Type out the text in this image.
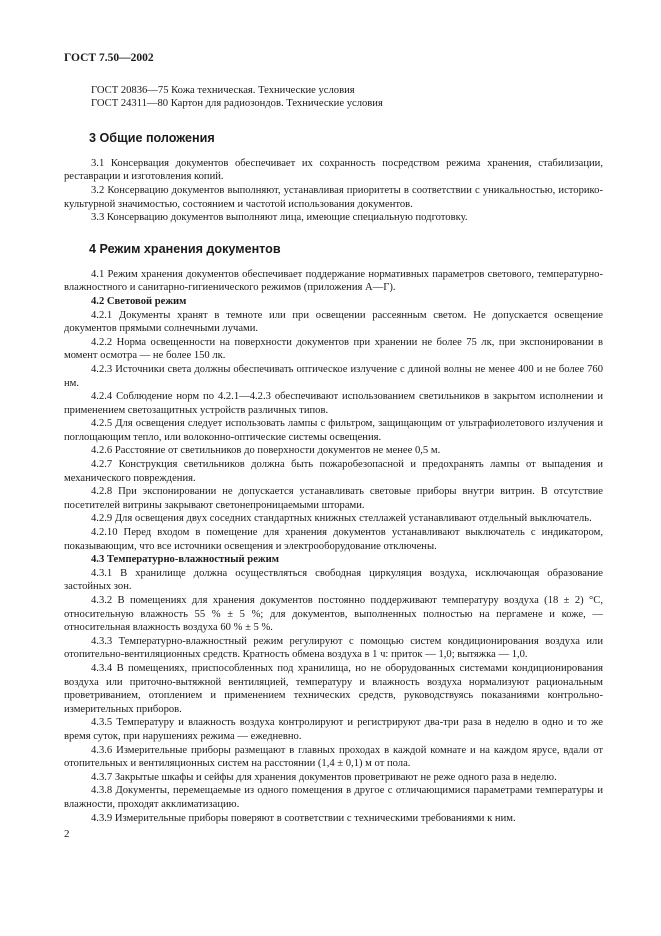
ГОСТ 7.50—2002
ГОСТ 20836—75 Кожа техническая. Технические условия
ГОСТ 24311—80 Картон для радиозондов. Технические условия
3 Общие положения

3.1 Консервация документов обеспечивает их сохранность посредством режима хранения, стабилизации, реставрации и изготовления копий.

3.2 Консервацию документов выполняют, устанавливая приоритеты в соответствии с уникальностью, историко-культурной значимостью, состоянием и частотой использования документов.

3.3 Консервацию документов выполняют лица, имеющие специальную подготовку.

4 Режим хранения документов

4.1 Режим хранения документов обеспечивает поддержание нормативных параметров светового, температурно-влажностного и санитарно-гигиенического режимов (приложения А—Г).

4.2 Световой режим

4.2.1 Документы хранят в темноте или при освещении рассеянным светом. Не допускается освещение документов прямыми солнечными лучами.

4.2.2 Норма освещенности на поверхности документов при хранении не более 75 лк, при экспонировании в момент осмотра — не более 150 лк.

4.2.3 Источники света должны обеспечивать оптическое излучение с длиной волны не менее 400 и не более 760 нм.

4.2.4 Соблюдение норм по 4.2.1—4.2.3 обеспечивают использованием светильников в закрытом исполнении и применением светозащитных устройств различных типов.

4.2.5 Для освещения следует использовать лампы с фильтром, защищающим от ультрафиолетового излучения и поглощающим тепло, или волоконно-оптические системы освещения.

4.2.6 Расстояние от светильников до поверхности документов не менее 0,5 м.

4.2.7 Конструкция светильников должна быть пожаробезопасной и предохранять лампы от выпадения и механического повреждения.

4.2.8 При экспонировании не допускается устанавливать световые приборы внутри витрин. В отсутствие посетителей витрины закрывают светонепроницаемыми шторами.

4.2.9 Для освещения двух соседних стандартных книжных стеллажей устанавливают отдельный выключатель.

4.2.10 Перед входом в помещение для хранения документов устанавливают выключатель с индикатором, показывающим, что все источники освещения и электрооборудование отключены.

4.3 Температурно-влажностный режим

4.3.1 В хранилище должна осуществляться свободная циркуляция воздуха, исключающая образование застойных зон.

4.3.2 В помещениях для хранения документов постоянно поддерживают температуру воздуха (18 ± 2) °С, относительную влажность 55 % ± 5 %; для документов, выполненных полностью на пергамене и коже, — относительная влажность воздуха 60 % ± 5 %.

4.3.3 Температурно-влажностный режим регулируют с помощью систем кондиционирования воздуха или отопительно-вентиляционных средств. Кратность обмена воздуха в 1 ч: приток — 1,0; вытяжка — 1,0.

4.3.4 В помещениях, приспособленных под хранилища, но не оборудованных системами кондиционирования воздуха или приточно-вытяжной вентиляцией, температуру и влажность воздуха нормализуют рациональным проветриванием, отоплением и применением технических средств, руководствуясь показаниями контрольно-измерительных приборов.

4.3.5 Температуру и влажность воздуха контролируют и регистрируют два-три раза в неделю в одно и то же время суток, при нарушениях режима — ежедневно.

4.3.6 Измерительные приборы размещают в главных проходах в каждой комнате и на каждом ярусе, вдали от отопительных и вентиляционных систем на расстоянии (1,4 ± 0,1) м от пола.

4.3.7 Закрытые шкафы и сейфы для хранения документов проветривают не реже одного раза в неделю.

4.3.8 Документы, перемещаемые из одного помещения в другое с отличающимися параметрами температуры и влажности, проходят акклиматизацию.

4.3.9 Измерительные приборы поверяют в соответствии с техническими требованиями к ним.

2
